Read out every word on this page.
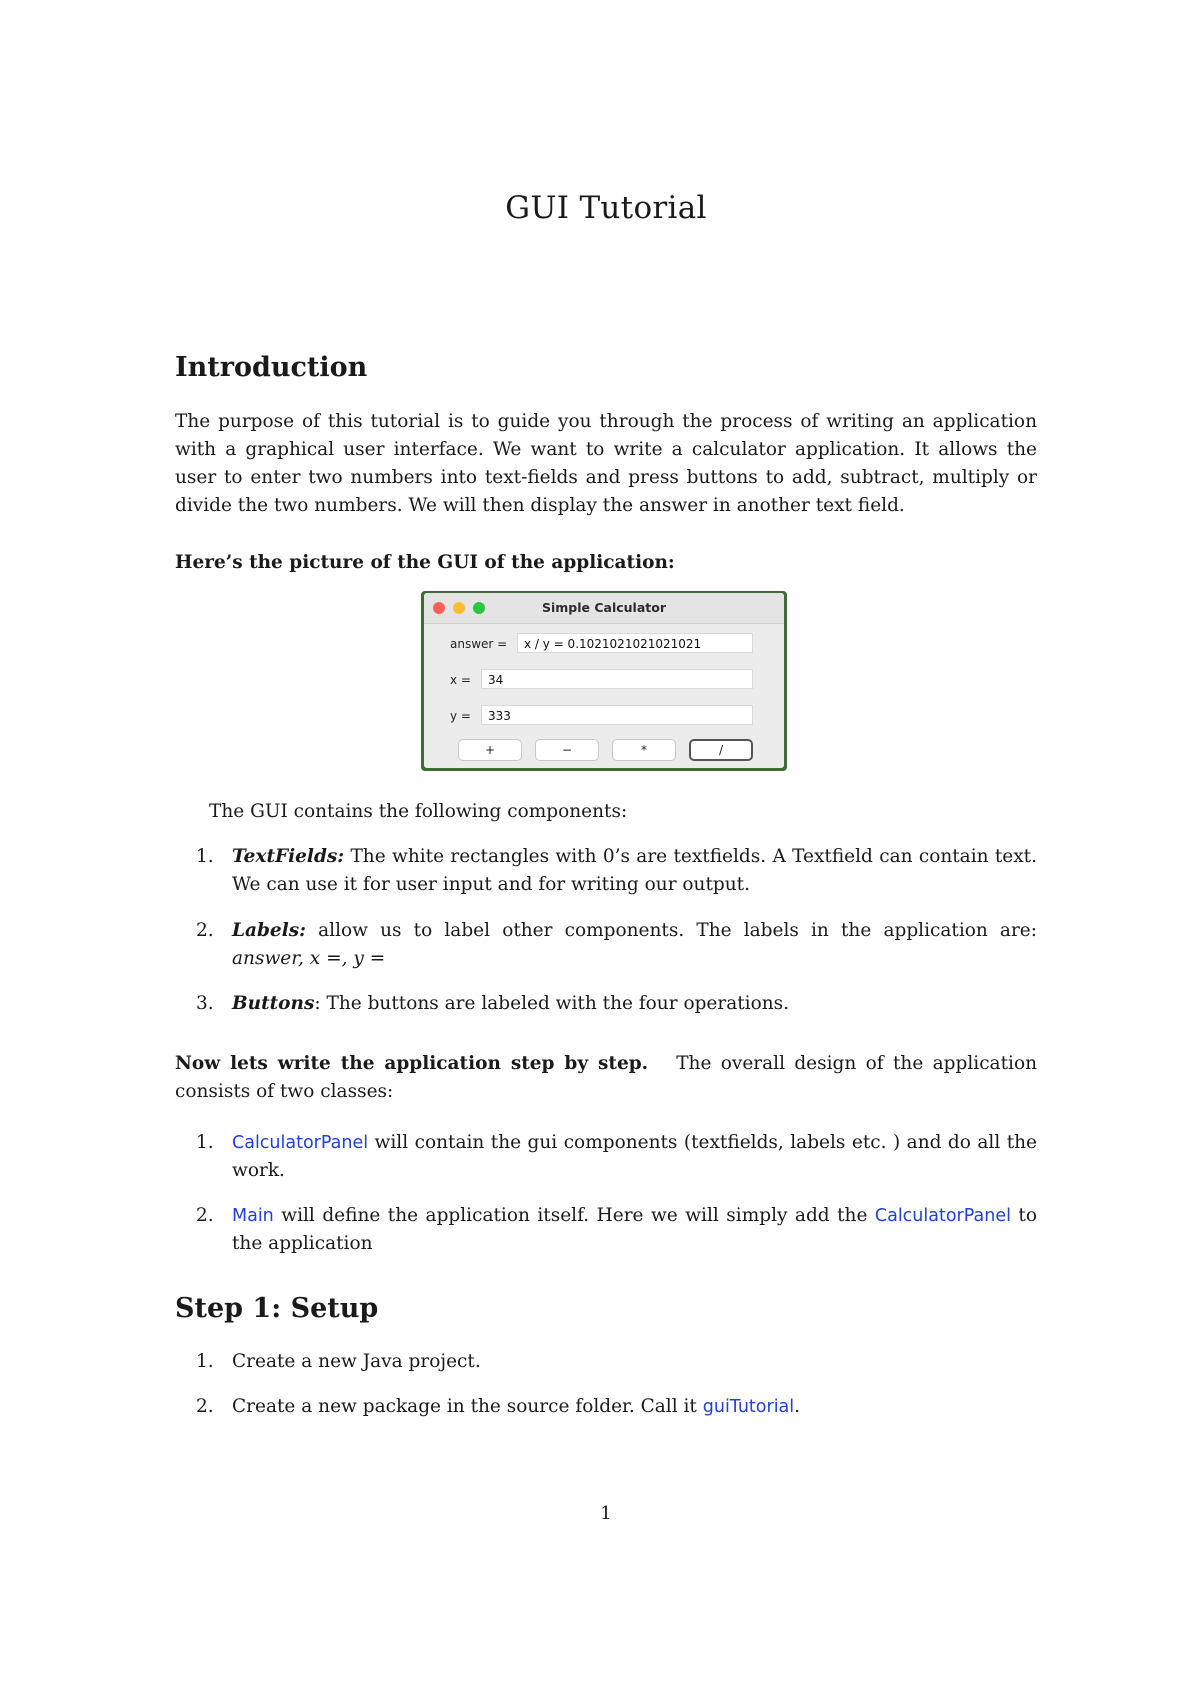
GUI Tutorial
Introduction
The purpose of this tutorial is to guide you through the process of writing an application with a graphical user interface. We want to write a calculator application. It allows the user to enter two numbers into text-fields and press buttons to add, subtract, multiply or divide the two numbers. We will then display the answer in another text field.
Here’s the picture of the GUI of the application:
Simple Calculator
answer =	x / y = 0.1021021021021021
x =	34
y =	333
+	−	*	/
The GUI contains the following components:
1. TextFields: The white rectangles with 0’s are textfields. A Textfield can contain text. We can use it for user input and for writing our output.
2. Labels: allow us to label other components. The labels in the application are: answer, x =, y =
3. Buttons: The buttons are labeled with the four operations.
Now lets write the application step by step. The overall design of the application consists of two classes:
1. CalculatorPanel will contain the gui components (textfields, labels etc. ) and do all the work.
2. Main will define the application itself. Here we will simply add the CalculatorPanel to the application
Step 1: Setup
1. Create a new Java project.
2. Create a new package in the source folder. Call it guiTutorial.
1
